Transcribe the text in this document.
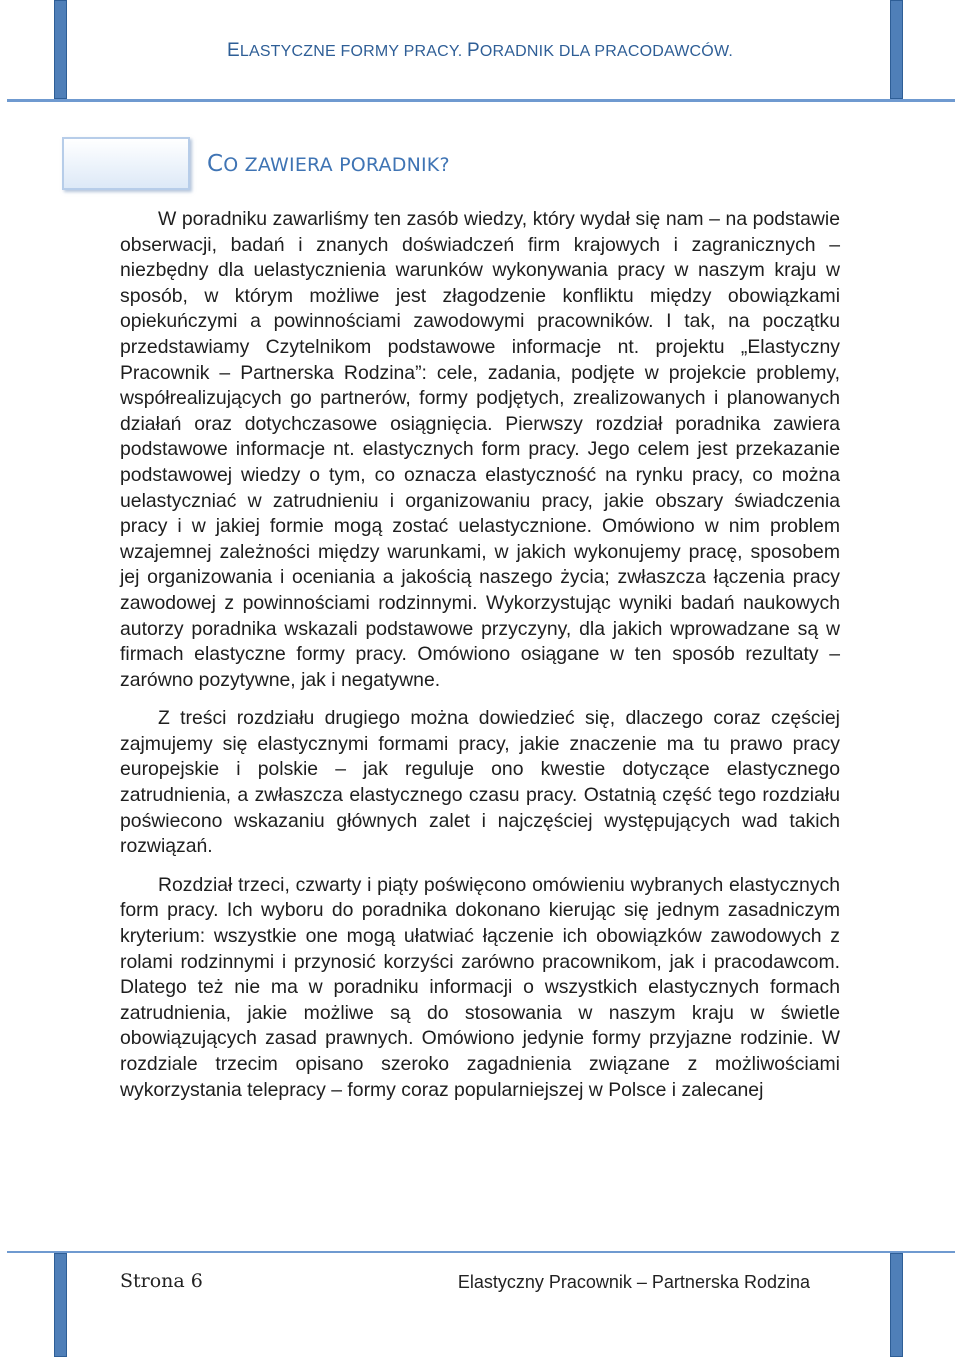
ELASTYCZNE FORMY PRACY. PORADNIK DLA PRACODAWCÓW.
CO ZAWIERA PORADNIK?

W poradniku zawarliśmy ten zasób wiedzy, który wydał się nam – na podstawie obserwacji, badań i znanych doświadczeń firm krajowych i zagranicznych – niezbędny dla uelastycznienia warunków wykonywania pracy w naszym kraju w sposób, w którym możliwe jest złagodzenie konfliktu między obowiązkami opiekuńczymi a powinnościami zawodowymi pracowników. I tak, na początku przedstawiamy Czytelnikom podstawowe informacje nt. projektu „Elastyczny Pracownik – Partnerska Rodzina”: cele, zadania, podjęte w projekcie problemy, współrealizujących go partnerów, formy podjętych, zrealizowanych i planowanych działań oraz dotychczasowe osiągnięcia. Pierwszy rozdział poradnika zawiera podstawowe informacje nt. elastycznych form pracy. Jego celem jest przekazanie podstawowej wiedzy o tym, co oznacza elastyczność na rynku pracy, co można uelastyczniać w zatrudnieniu i organizowaniu pracy, jakie obszary świadczenia pracy i w jakiej formie mogą zostać uelastycznione. Omówiono w nim problem wzajemnej zależności między warunkami, w jakich wykonujemy pracę, sposobem jej organizowania i oceniania a jakością naszego życia; zwłaszcza łączenia pracy zawodowej z powinnościami rodzinnymi. Wykorzystując wyniki badań naukowych autorzy poradnika wskazali podstawowe przyczyny, dla jakich wprowadzane są w firmach elastyczne formy pracy. Omówiono osiągane w ten sposób rezultaty – zarówno pozytywne, jak i negatywne.

Z treści rozdziału drugiego można dowiedzieć się, dlaczego coraz częściej zajmujemy się elastycznymi formami pracy, jakie znaczenie ma tu prawo pracy europejskie i polskie – jak reguluje ono kwestie dotyczące elastycznego zatrudnienia, a zwłaszcza elastycznego czasu pracy. Ostatnią część tego rozdziału poświecono wskazaniu głównych zalet i najczęściej występujących wad takich rozwiązań.

Rozdział trzeci, czwarty i piąty poświęcono omówieniu wybranych elastycznych form pracy. Ich wyboru do poradnika dokonano kierując się jednym zasadniczym kryterium: wszystkie one mogą ułatwiać łączenie ich obowiązków zawodowych z rolami rodzinnymi i przynosić korzyści zarówno pracownikom, jak i pracodawcom. Dlatego też nie ma w poradniku informacji o wszystkich elastycznych formach zatrudnienia, jakie możliwe są do stosowania w naszym kraju w świetle obowiązujących zasad prawnych. Omówiono jedynie formy przyjazne rodzinie. W rozdziale trzecim opisano szeroko zagadnienia związane z możliwościami wykorzystania telepracy – formy coraz popularniejszej w Polsce i zalecanej

Strona 6	Elastyczny Pracownik – Partnerska Rodzina
